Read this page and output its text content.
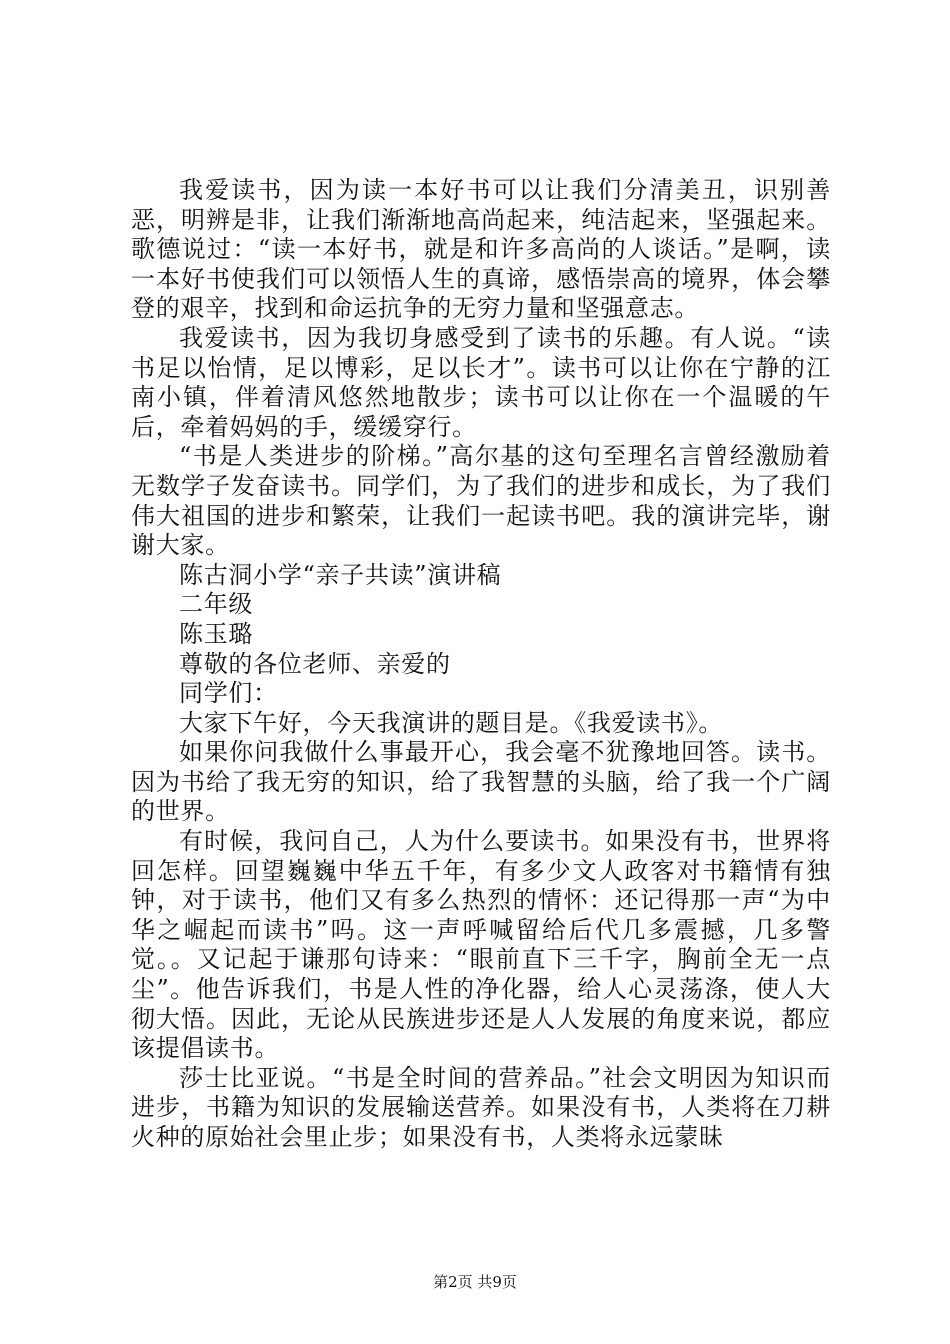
我爱读书，因为读一本好书可以让我们分清美丑，识别善恶，明辨是非，让我们渐渐地高尚起来，纯洁起来，坚强起来。歌德说过：“读一本好书，就是和许多高尚的人谈话。”是啊，读一本好书使我们可以领悟人生的真谛，感悟崇高的境界，体会攀登的艰辛，找到和命运抗争的无穷力量和坚强意志。

我爱读书，因为我切身感受到了读书的乐趣。有人说。“读书足以怡情，足以博彩，足以长才”。读书可以让你在宁静的江南小镇，伴着清风悠然地散步；读书可以让你在一个温暖的午后，牵着妈妈的手，缓缓穿行。

“书是人类进步的阶梯。”高尔基的这句至理名言曾经激励着无数学子发奋读书。同学们，为了我们的进步和成长，为了我们伟大祖国的进步和繁荣，让我们一起读书吧。我的演讲完毕，谢谢大家。

陈古洞小学“亲子共读”演讲稿

二年级

陈玉璐

尊敬的各位老师、亲爱的

同学们：

大家下午好，今天我演讲的题目是。《我爱读书》。

如果你问我做什么事最开心，我会毫不犹豫地回答。读书。因为书给了我无穷的知识，给了我智慧的头脑，给了我一个广阔的世界。

有时候，我问自己，人为什么要读书。如果没有书，世界将回怎样。回望巍巍中华五千年，有多少文人政客对书籍情有独钟，对于读书，他们又有多么热烈的情怀：还记得那一声“为中华之崛起而读书”吗。这一声呼喊留给后代几多震撼，几多警觉。。又记起于谦那句诗来：“眼前直下三千字，胸前全无一点尘”。他告诉我们，书是人性的净化器，给人心灵荡涤，使人大彻大悟。因此，无论从民族进步还是人人发展的角度来说，都应该提倡读书。

莎士比亚说。“书是全时间的营养品。”社会文明因为知识而进步，书籍为知识的发展输送营养。如果没有书，人类将在刀耕火种的原始社会里止步；如果没有书，人类将永远蒙昧

第2页 共9页
